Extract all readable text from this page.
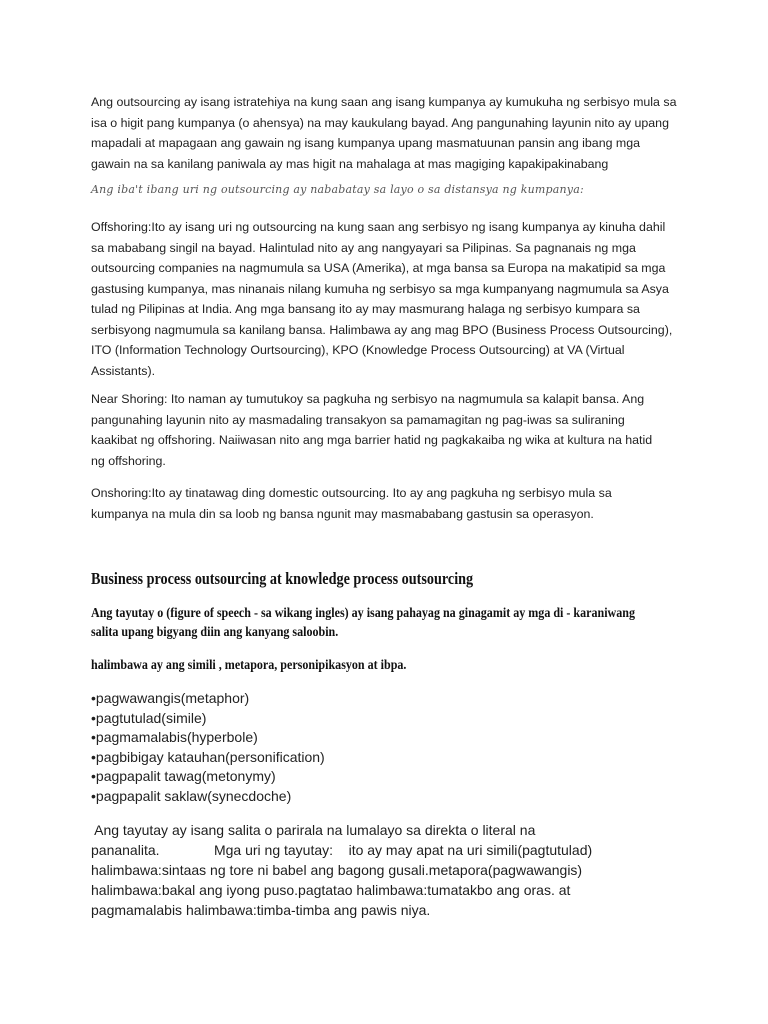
Ang outsourcing ay isang istratehiya na kung saan ang isang kumpanya ay kumukuha ng serbisyo mula sa
isa o higit pang kumpanya (o ahensya) na may kaukulang bayad. Ang pangunahing layunin nito ay upang
mapadali at mapagaan ang gawain ng isang kumpanya upang masmatuunan pansin ang ibang mga
gawain na sa kanilang paniwala ay mas higit na mahalaga at mas magiging kapakipakinabang

Ang iba't ibang uri ng outsourcing ay nababatay sa layo o sa distansya ng kumpanya:

Offshoring:Ito ay isang uri ng outsourcing na kung saan ang serbisyo ng isang kumpanya ay kinuha dahil
sa mababang singil na bayad. Halintulad nito ay ang nangyayari sa Pilipinas. Sa pagnanais ng mga
outsourcing companies na nagmumula sa USA (Amerika), at mga bansa sa Europa na makatipid sa mga
gastusing kumpanya, mas ninanais nilang kumuha ng serbisyo sa mga kumpanyang nagmumula sa Asya
tulad ng Pilipinas at India. Ang mga bansang ito ay may masmurang halaga ng serbisyo kumpara sa
serbisyong nagmumula sa kanilang bansa. Halimbawa ay ang mag BPO (Business Process Outsourcing),
ITO (Information Technology Ourtsourcing), KPO (Knowledge Process Outsourcing) at VA (Virtual
Assistants).

Near Shoring: Ito naman ay tumutukoy sa pagkuha ng serbisyo na nagmumula sa kalapit bansa. Ang
pangunahing layunin nito ay masmadaling transakyon sa pamamagitan ng pag-iwas sa suliraning
kaakibat ng offshoring. Naiiwasan nito ang mga barrier hatid ng pagkakaiba ng wika at kultura na hatid
ng offshoring.

Onshoring:Ito ay tinatawag ding domestic outsourcing. Ito ay ang pagkuha ng serbisyo mula sa
kumpanya na mula din sa loob ng bansa ngunit may masmababang gastusin sa operasyon.

Business process outsourcing at knowledge process outsourcing

Ang tayutay o (figure of speech - sa wikang ingles) ay isang pahayag na ginagamit ay mga di - karaniwang
salita upang bigyang diin ang kanyang saloobin.

halimbawa ay ang simili , metapora, personipikasyon at ibpa.

•pagwawangis(metaphor)
•pagtutulad(simile)
•pagmamalabis(hyperbole)
•pagbibigay katauhan(personification)
•pagpapalit tawag(metonymy)
•pagpapalit saklaw(synecdoche)
Ang tayutay ay isang salita o parirala na lumalayo sa direkta o literal na
pananalita.              Mga uri ng tayutay:    ito ay may apat na uri simili(pagtutulad)
halimbawa:sintaas ng tore ni babel ang bagong gusali.metapora(pagwawangis)
halimbawa:bakal ang iyong puso.pagtatao halimbawa:tumatakbo ang oras. at
pagmamalabis halimbawa:timba-timba ang pawis niya.
